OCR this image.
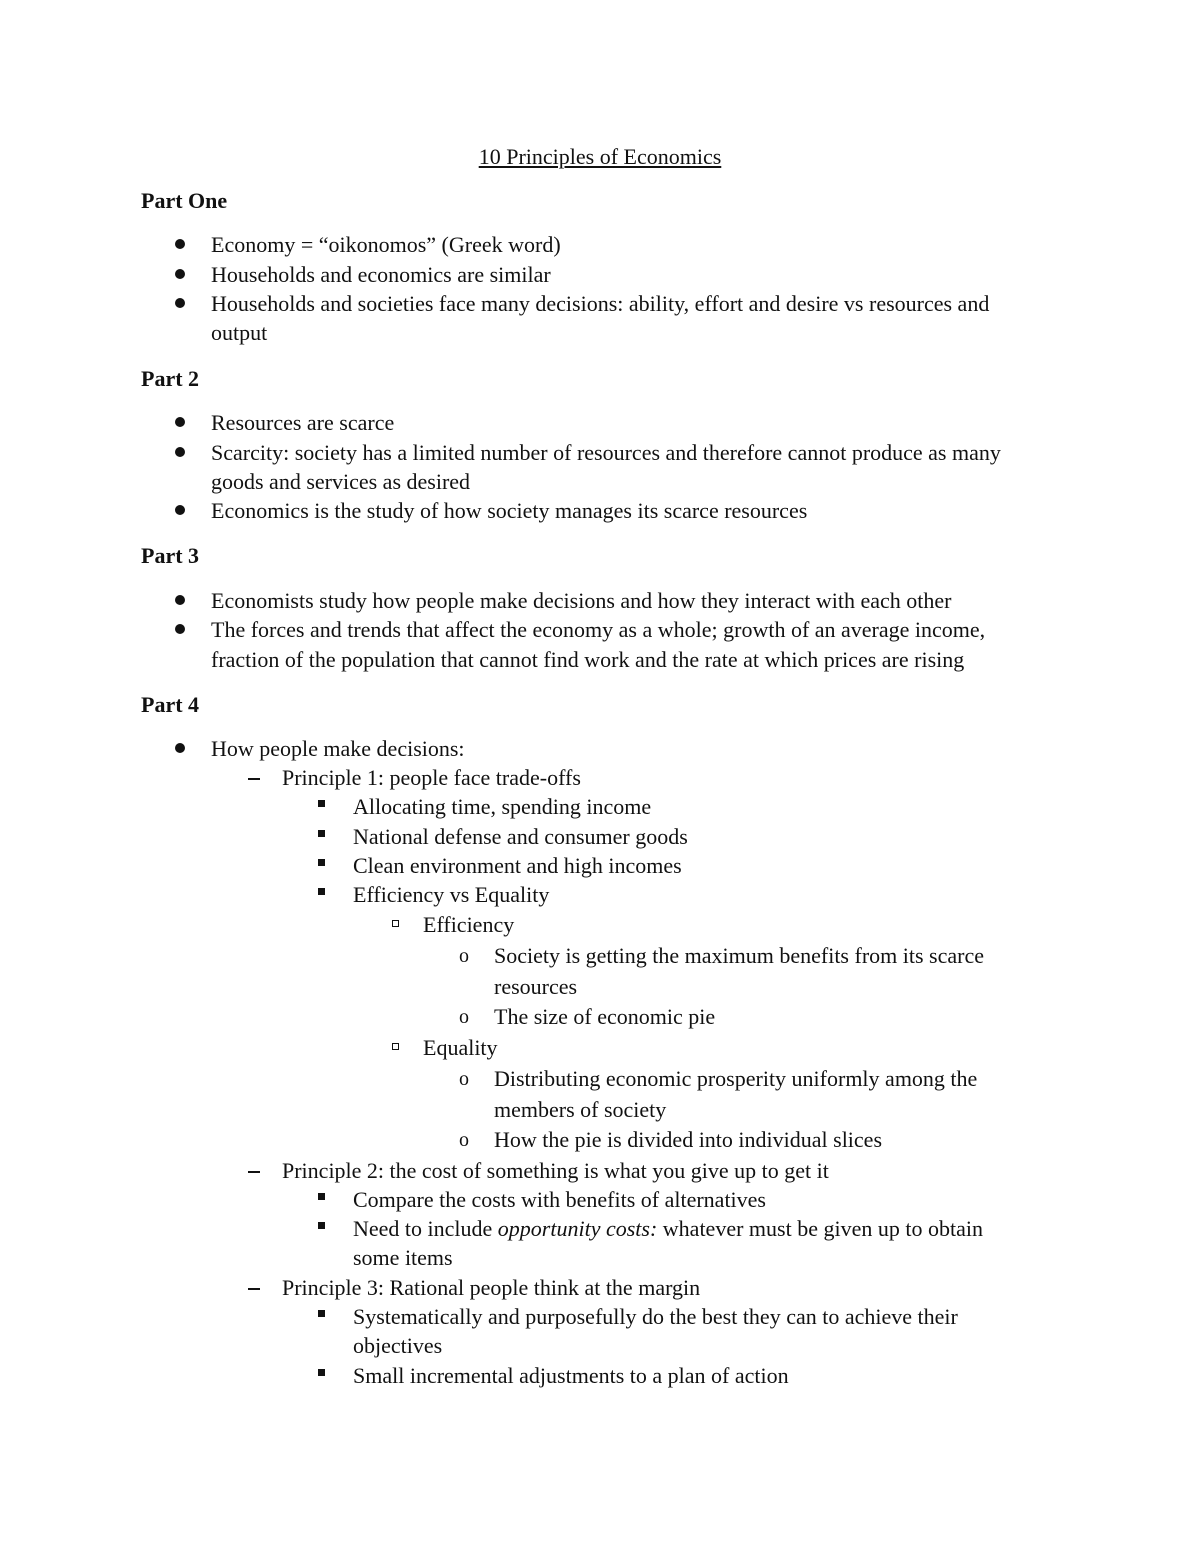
10 Principles of Economics
Part One
Economy = “oikonomos” (Greek word)
Households and economics are similar
Households and societies face many decisions: ability, effort and desire vs resources and
output
Part 2
Resources are scarce
Scarcity: society has a limited number of resources and therefore cannot produce as many
goods and services as desired
Economics is the study of how society manages its scarce resources
Part 3
Economists study how people make decisions and how they interact with each other
The forces and trends that affect the economy as a whole; growth of an average income,
fraction of the population that cannot find work and the rate at which prices are rising
Part 4
How people make decisions:
Principle 1: people face trade-offs
Allocating time, spending income
National defense and consumer goods
Clean environment and high incomes
Efficiency vs Equality
Efficiency
o Society is getting the maximum benefits from its scarce
resources
o The size of economic pie
Equality
o Distributing economic prosperity uniformly among the
members of society
o How the pie is divided into individual slices
Principle 2: the cost of something is what you give up to get it
Compare the costs with benefits of alternatives
Need to include opportunity costs: whatever must be given up to obtain
some items
Principle 3: Rational people think at the margin
Systematically and purposefully do the best they can to achieve their
objectives
Small incremental adjustments to a plan of action
